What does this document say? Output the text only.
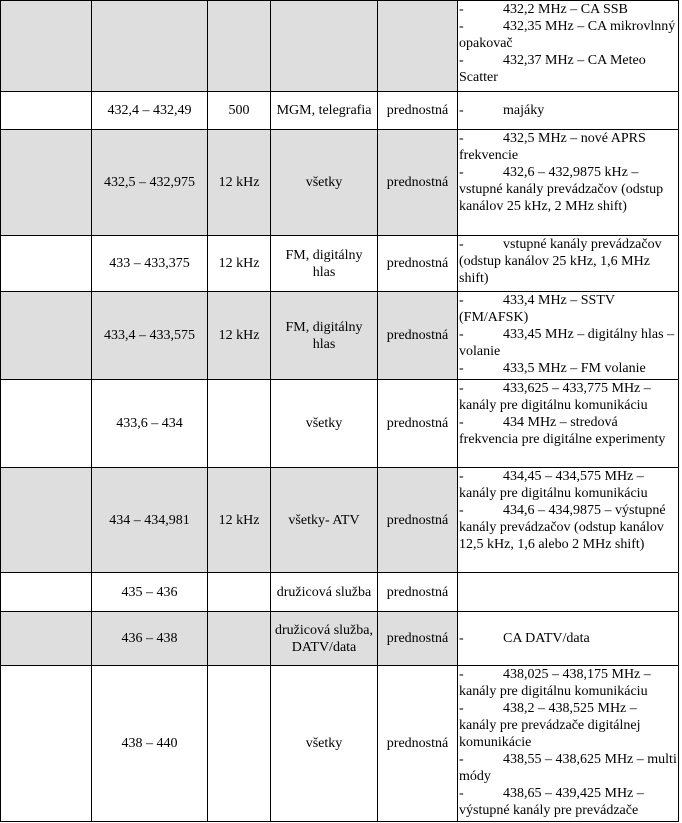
					- 432,2 MHz – CA SSB
- 432,35 MHz – CA mikrovlnný opakovač
- 432,37 MHz – CA Meteo Scatter

	432,4 – 432,49	500	MGM, telegrafia	prednostná	- majáky

	432,5 – 432,975	12 kHz	všetky	prednostná	- 432,5 MHz – nové APRS frekvencie
- 432,6 – 432,9875 kHz – vstupné kanály prevádzačov (odstup kanálov 25 kHz, 2 MHz shift)

	433 – 433,375	12 kHz	FM, digitálny hlas	prednostná	- vstupné kanály prevádzačov (odstup kanálov 25 kHz, 1,6 MHz shift)

	433,4 – 433,575	12 kHz	FM, digitálny hlas	prednostná	- 433,4 MHz – SSTV (FM/AFSK)
- 433,45 MHz – digitálny hlas – volanie
- 433,5 MHz – FM volanie

	433,6 – 434		všetky	prednostná	- 433,625 – 433,775 MHz – kanály pre digitálnu komunikáciu
- 434 MHz – stredová frekvencia pre digitálne experimenty

	434 – 434,981	12 kHz	všetky- ATV	prednostná	- 434,45 – 434,575 MHz – kanály pre digitálnu komunikáciu
- 434,6 – 434,9875 – výstupné kanály prevádzačov (odstup kanálov 12,5 kHz, 1,6 alebo 2 MHz shift)

	435 – 436		družicová služba	prednostná	
	436 – 438		družicová služba, DATV/data	prednostná	- CA DATV/data

	438 – 440		všetky	prednostná	- 438,025 – 438,175 MHz – kanály pre digitálnu komunikáciu
- 438,2 – 438,525 MHz – kanály pre prevádzače digitálnej komunikácie
- 438,55 – 438,625 MHz – multi módy
- 438,65 – 439,425 MHz – výstupné kanály pre prevádzače
